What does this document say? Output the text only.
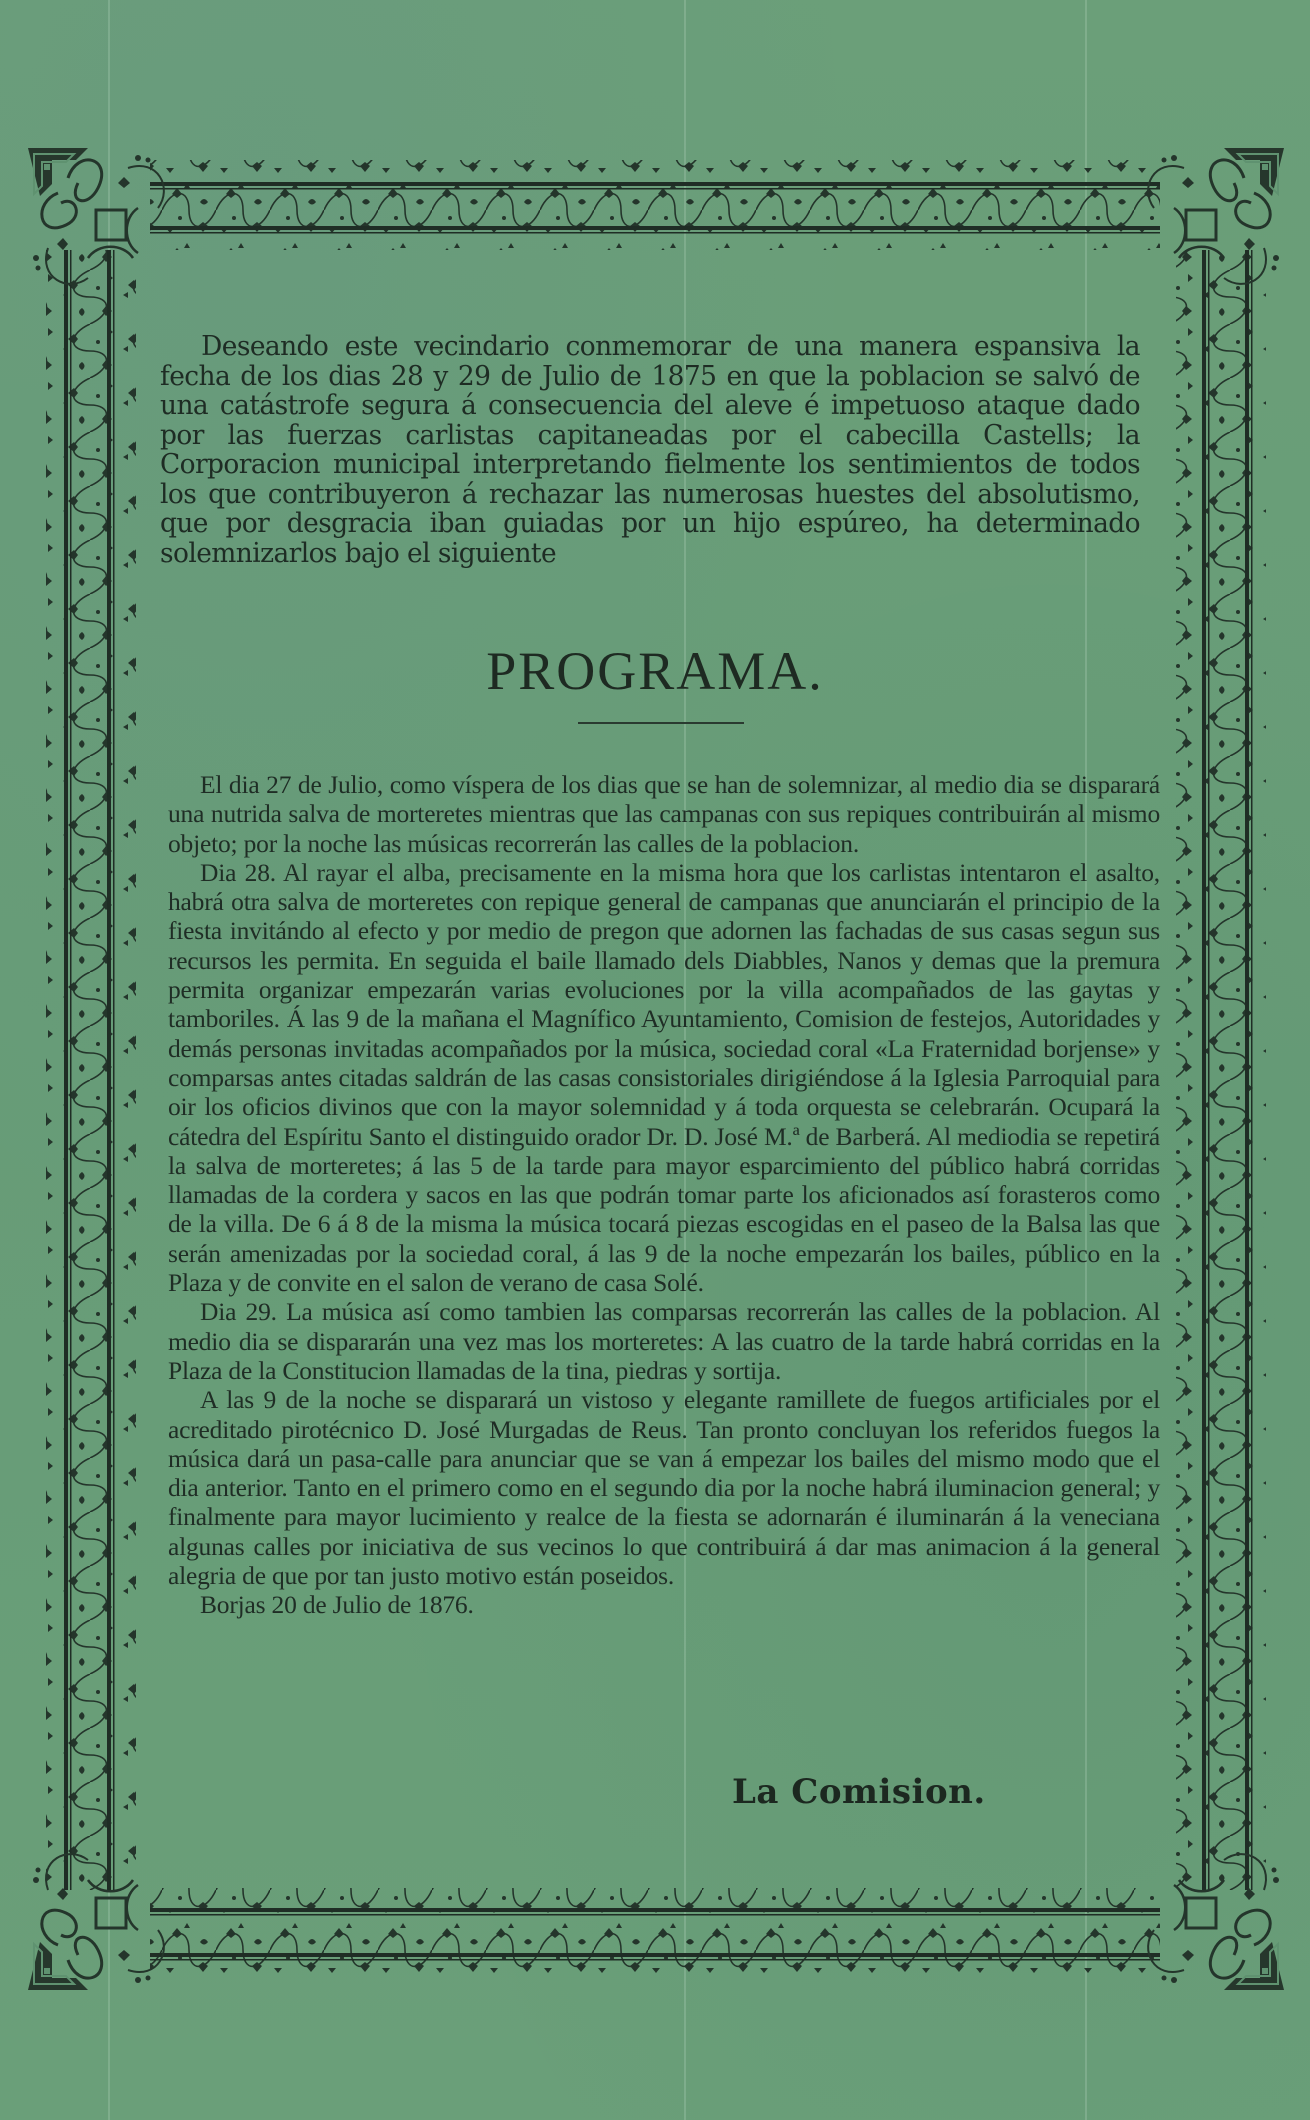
Deseando este vecindario conmemorar de una manera espansiva la fecha de los dias 28 y 29 de Julio de 1875 en que la poblacion se salvó de una catástrofe segura á consecuencia del aleve é impetuoso ataque dado por las fuerzas carlistas capitaneadas por el cabecilla Castells; la Corporacion municipal interpretando fielmente los sentimientos de todos los que contribuyeron á rechazar las numerosas huestes del absolutismo, que por desgracia iban guiadas por un hijo espúreo, ha determinado solemnizarlos bajo el siguiente

PROGRAMA.

El dia 27 de Julio, como víspera de los dias que se han de solemnizar, al medio dia se disparará una nutrida salva de morteretes mientras que las campanas con sus repiques contribuirán al mismo objeto; por la noche las músicas recorrerán las calles de la poblacion.

Dia 28. Al rayar el alba, precisamente en la misma hora que los carlistas intentaron el asalto, habrá otra salva de morteretes con repique general de campanas que anunciarán el principio de la fiesta invitándo al efecto y por medio de pregon que adornen las fachadas de sus casas segun sus recursos les permita. En seguida el baile llamado dels Diabbles, Nanos y demas que la premura permita organizar empezarán varias evoluciones por la villa acompañados de las gaytas y tamboriles. Á las 9 de la mañana el Magnífico Ayuntamiento, Comision de festejos, Autoridades y demás personas invitadas acompañados por la música, sociedad coral «La Fraternidad borjense» y comparsas antes citadas saldrán de las casas consistoriales dirigiéndose á la Iglesia Parroquial para oir los oficios divinos que con la mayor solemnidad y á toda orquesta se celebrarán. Ocupará la cátedra del Espíritu Santo el distinguido orador Dr. D. José M.ª de Barberá. Al mediodia se repetirá la salva de morteretes; á las 5 de la tarde para mayor esparcimiento del público habrá corridas llamadas de la cordera y sacos en las que podrán tomar parte los aficionados así forasteros como de la villa. De 6 á 8 de la misma la música tocará piezas escogidas en el paseo de la Balsa las que serán amenizadas por la sociedad coral, á las 9 de la noche empezarán los bailes, público en la Plaza y de convite en el salon de verano de casa Solé.

Dia 29. La música así como tambien las comparsas recorrerán las calles de la poblacion. Al medio dia se dispararán una vez mas los morteretes: A las cuatro de la tarde habrá corridas en la Plaza de la Constitucion llamadas de la tina, piedras y sortija.

A las 9 de la noche se disparará un vistoso y elegante ramillete de fuegos artificiales por el acreditado pirotécnico D. José Murgadas de Reus. Tan pronto concluyan los referidos fuegos la música dará un pasa-calle para anunciar que se van á empezar los bailes del mismo modo que el dia anterior. Tanto en el primero como en el segundo dia por la noche habrá iluminacion general; y finalmente para mayor lucimiento y realce de la fiesta se adornarán é iluminarán á la veneciana algunas calles por iniciativa de sus vecinos lo que contribuirá á dar mas animacion á la general alegria de que por tan justo motivo están poseidos.

Borjas 20 de Julio de 1876.

La Comision.
